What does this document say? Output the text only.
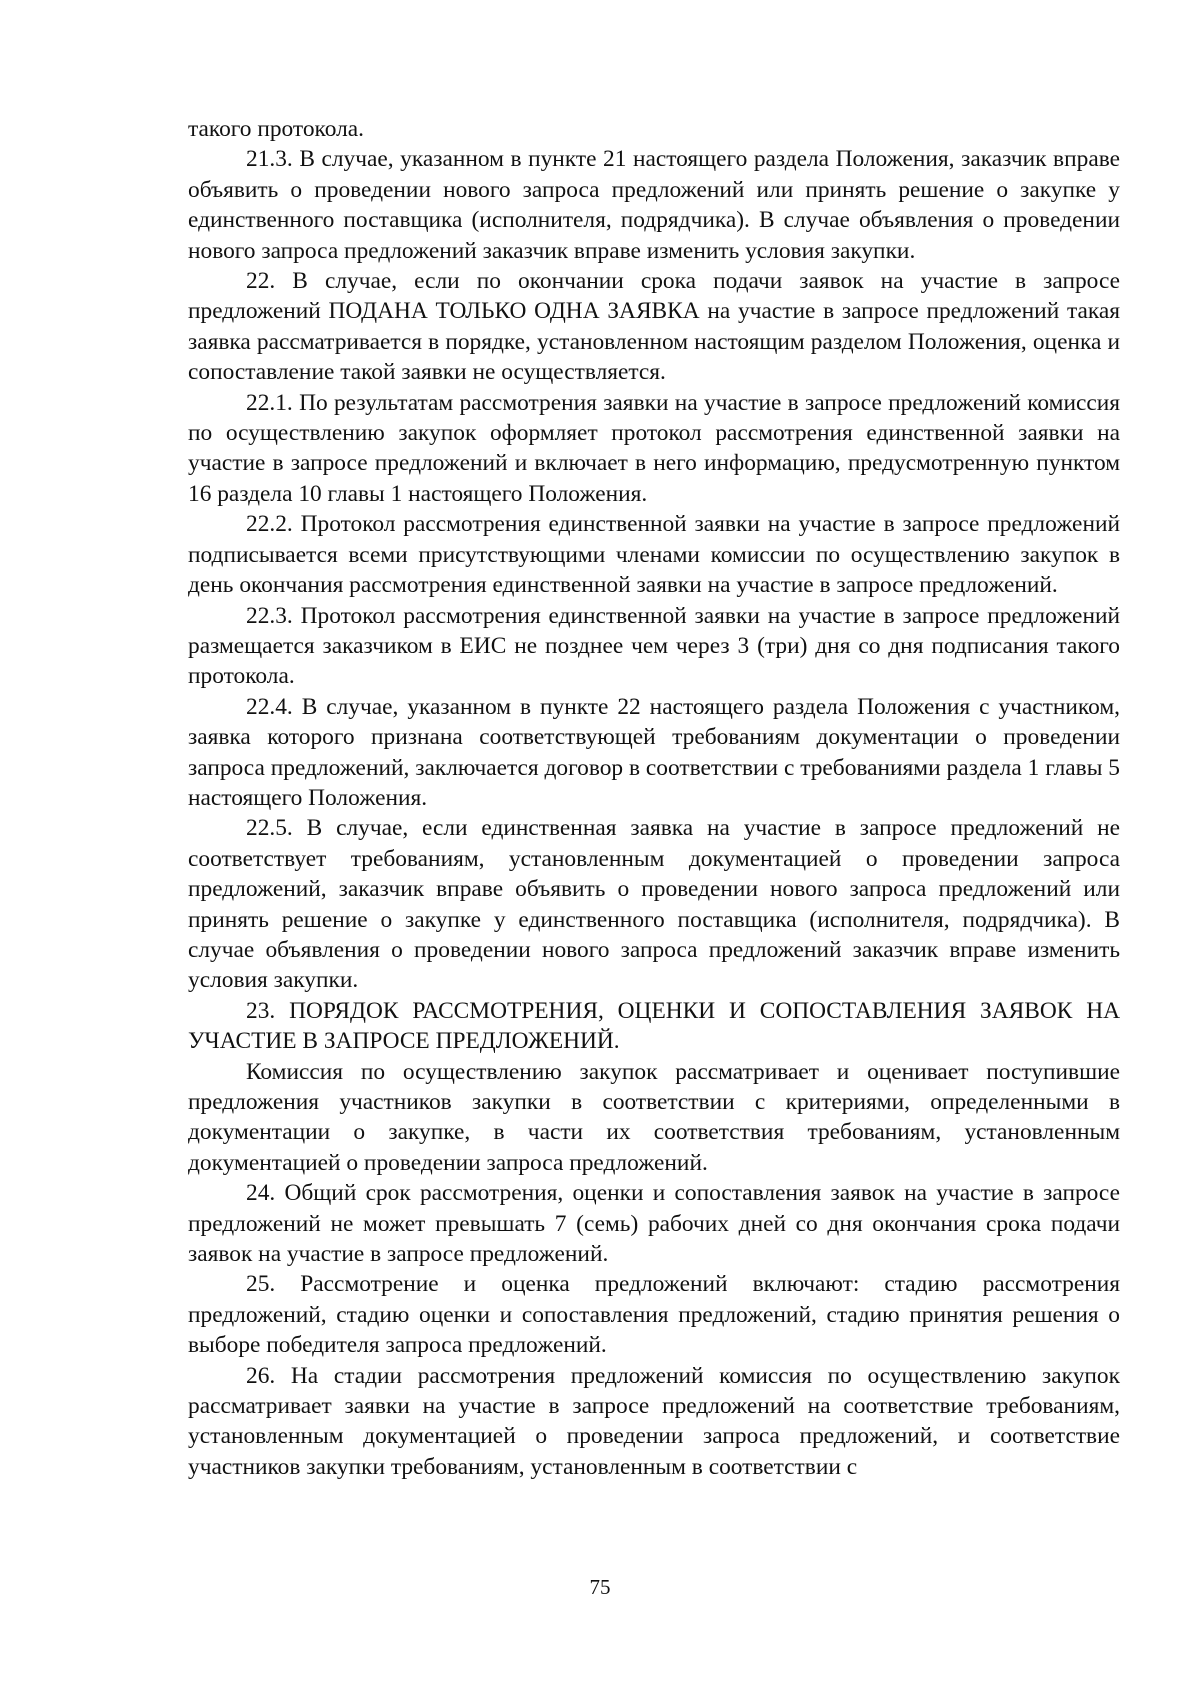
такого протокола.

21.3. В случае, указанном в пункте 21 настоящего раздела Положения, заказчик вправе объявить о проведении нового запроса предложений или принять решение о закупке у единственного поставщика (исполнителя, подрядчика). В случае объявления о проведении нового запроса предложений заказчик вправе изменить условия закупки.

22. В случае, если по окончании срока подачи заявок на участие в запросе предложений ПОДАНА ТОЛЬКО ОДНА ЗАЯВКА на участие в запросе предложений такая заявка рассматривается в порядке, установленном настоящим разделом Положения, оценка и сопоставление такой заявки не осуществляется.

22.1. По результатам рассмотрения заявки на участие в запросе предложений комиссия по осуществлению закупок оформляет протокол рассмотрения единственной заявки на участие в запросе предложений и включает в него информацию, предусмотренную пунктом 16 раздела 10 главы 1 настоящего Положения.

22.2. Протокол рассмотрения единственной заявки на участие в запросе предложений подписывается всеми присутствующими членами комиссии по осуществлению закупок в день окончания рассмотрения единственной заявки на участие в запросе предложений.

22.3. Протокол рассмотрения единственной заявки на участие в запросе предложений размещается заказчиком в ЕИС не позднее чем через 3 (три) дня со дня подписания такого протокола.

22.4. В случае, указанном в пункте 22 настоящего раздела Положения с участником, заявка которого признана соответствующей требованиям документации о проведении запроса предложений, заключается договор в соответствии с требованиями раздела 1 главы 5 настоящего Положения.

22.5. В случае, если единственная заявка на участие в запросе предложений не соответствует требованиям, установленным документацией о проведении запроса предложений, заказчик вправе объявить о проведении нового запроса предложений или принять решение о закупке у единственного поставщика (исполнителя, подрядчика). В случае объявления о проведении нового запроса предложений заказчик вправе изменить условия закупки.

23. ПОРЯДОК РАССМОТРЕНИЯ, ОЦЕНКИ И СОПОСТАВЛЕНИЯ ЗАЯВОК НА УЧАСТИЕ В ЗАПРОСЕ ПРЕДЛОЖЕНИЙ.

Комиссия по осуществлению закупок рассматривает и оценивает поступившие предложения участников закупки в соответствии с критериями, определенными в документации о закупке, в части их соответствия требованиям, установленным документацией о проведении запроса предложений.

24. Общий срок рассмотрения, оценки и сопоставления заявок на участие в запросе предложений не может превышать 7 (семь) рабочих дней со дня окончания срока подачи заявок на участие в запросе предложений.

25. Рассмотрение и оценка предложений включают: стадию рассмотрения предложений, стадию оценки и сопоставления предложений, стадию принятия решения о выборе победителя запроса предложений.

26. На стадии рассмотрения предложений комиссия по осуществлению закупок рассматривает заявки на участие в запросе предложений на соответствие требованиям, установленным документацией о проведении запроса предложений, и соответствие участников закупки требованиям, установленным в соответствии с

75
